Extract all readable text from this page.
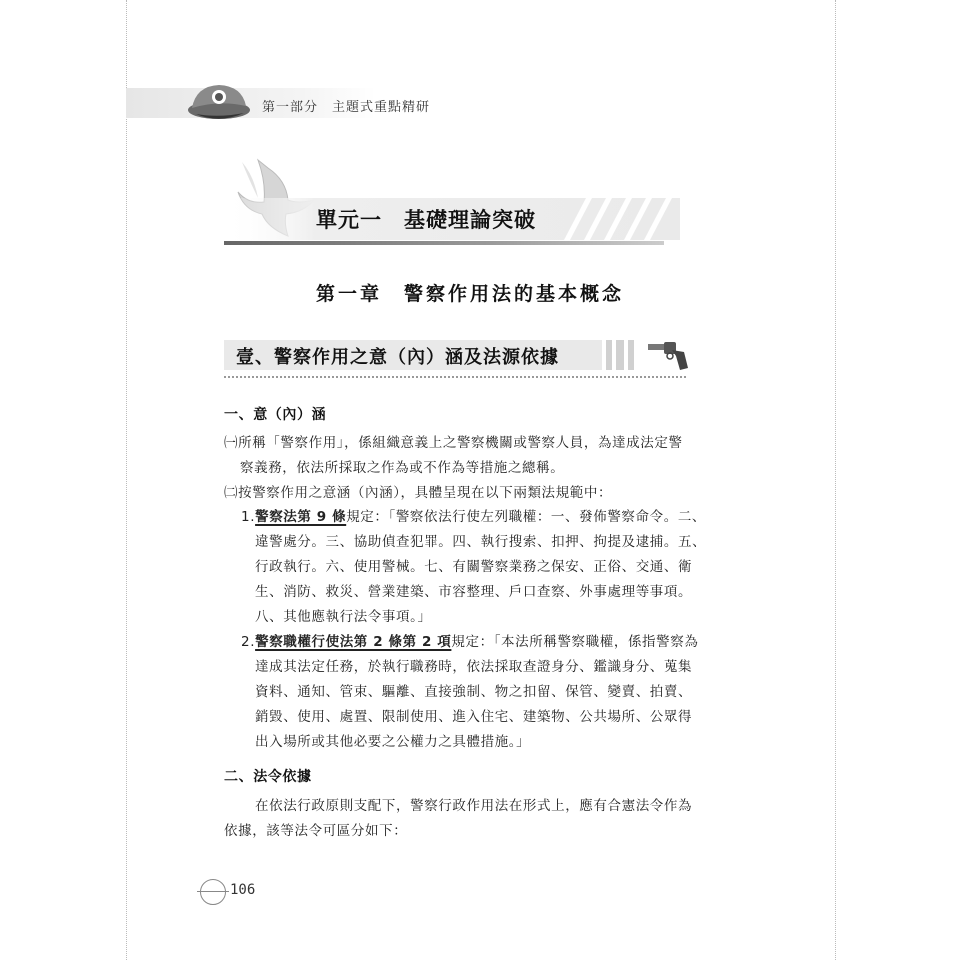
第一部分　主題式重點精研
單元一　基礎理論突破
第一章　警察作用法的基本概念
壹、警察作用之意（內）涵及法源依據
一、意（內）涵
㈠所稱「警察作用」，係組織意義上之警察機關或警察人員，為達成法定警
察義務，依法所採取之作為或不作為等措施之總稱。
㈡按警察作用之意涵（內涵），具體呈現在以下兩類法規範中：
1.警察法第 9 條規定：「警察依法行使左列職權：一、發佈警察命令。二、
違警處分。三、協助偵查犯罪。四、執行搜索、扣押、拘提及逮捕。五、
行政執行。六、使用警械。七、有關警察業務之保安、正俗、交通、衛
生、消防、救災、營業建築、市容整理、戶口查察、外事處理等事項。
八、其他應執行法令事項。」
2.警察職權行使法第 2 條第 2 項規定：「本法所稱警察職權，係指警察為
達成其法定任務，於執行職務時，依法採取查證身分、鑑識身分、蒐集
資料、通知、管束、驅離、直接強制、物之扣留、保管、變賣、拍賣、
銷毀、使用、處置、限制使用、進入住宅、建築物、公共場所、公眾得
出入場所或其他必要之公權力之具體措施。」
二、法令依據
在依法行政原則支配下，警察行政作用法在形式上，應有合憲法令作為
依據，該等法令可區分如下：
106
